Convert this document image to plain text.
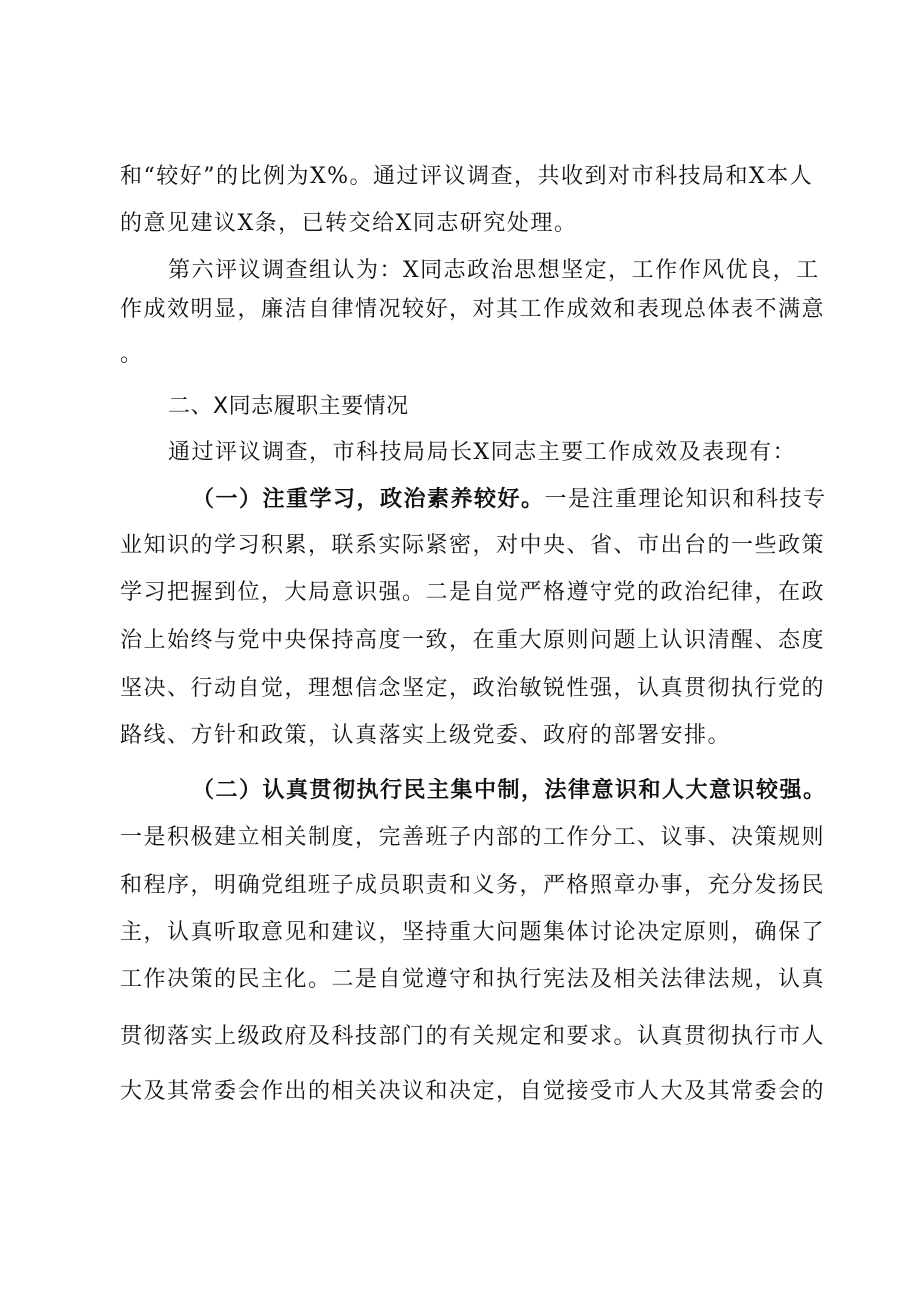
和“较好”的比例为X%。通过评议调查，共收到对市科技局和X本人
的意见建议X条，已转交给X同志研究处理。
第六评议调查组认为：X同志政治思想坚定，工作作风优良，工
作成效明显，廉洁自律情况较好，对其工作成效和表现总体表不满意
。
二、X同志履职主要情况
通过评议调查，市科技局局长X同志主要工作成效及表现有：
（一）注重学习，政治素养较好。一是注重理论知识和科技专
业知识的学习积累，联系实际紧密，对中央、省、市出台的一些政策
学习把握到位，大局意识强。二是自觉严格遵守党的政治纪律，在政
治上始终与党中央保持高度一致，在重大原则问题上认识清醒、态度
坚决、行动自觉，理想信念坚定，政治敏锐性强，认真贯彻执行党的
路线、方针和政策，认真落实上级党委、政府的部署安排。
（二）认真贯彻执行民主集中制，法律意识和人大意识较强。
一是积极建立相关制度，完善班子内部的工作分工、议事、决策规则
和程序，明确党组班子成员职责和义务，严格照章办事，充分发扬民
主，认真听取意见和建议，坚持重大问题集体讨论决定原则，确保了
工作决策的民主化。二是自觉遵守和执行宪法及相关法律法规，认真
贯彻落实上级政府及科技部门的有关规定和要求。认真贯彻执行市人
大及其常委会作出的相关决议和决定，自觉接受市人大及其常委会的
